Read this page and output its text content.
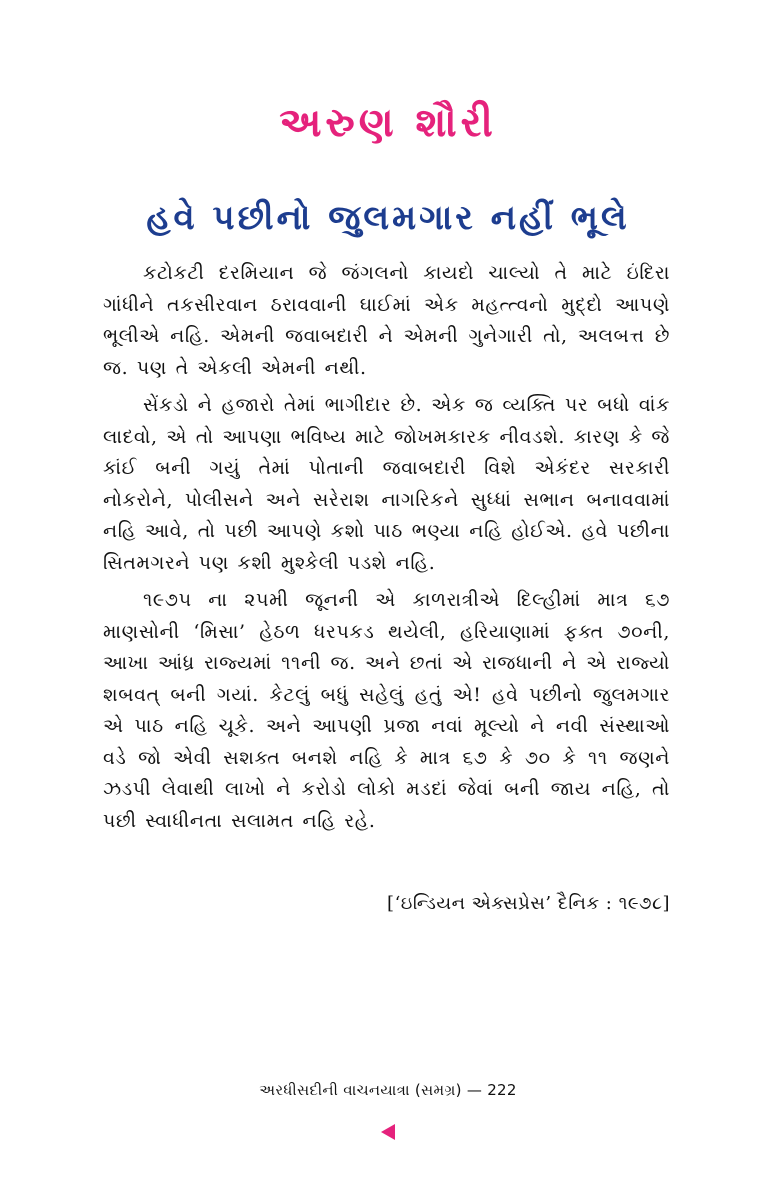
અરુણ શૌરી
હવે પછીનો જુલમગાર નહીં ભૂલે

કટોકટી દરમિયાન જે જંગલનો કાયદો ચાલ્યો તે માટે ઇંદિરા ગાંધીને તકસીરવાન ઠરાવવાની ઘાઈમાં એક મહત્ત્વનો મુદ્દો આપણે ભૂલીએ નહિ. એમની જવાબદારી ને એમની ગુનેગારી તો, અલબત્ત છે જ. પણ તે એકલી એમની નથી.

સેંકડો ને હજારો તેમાં ભાગીદાર છે. એક જ વ્યક્તિ પર બધો વાંક લાદવો, એ તો આપણા ભવિષ્ય માટે જોખમકારક નીવડશે. કારણ કે જે કાંઈ બની ગયું તેમાં પોતાની જવાબદારી વિશે એકંદર સરકારી નોકરોને, પોલીસને અને સરેરાશ નાગરિકને સુધ્ધાં સભાન બનાવવામાં નહિ આવે, તો પછી આપણે કશો પાઠ ભણ્યા નહિ હોઈએ. હવે પછીના સિતમગરને પણ કશી મુશ્કેલી પડશે નહિ.

૧૯૭૫ ના ૨૫મી જૂનની એ કાળરાત્રીએ દિલ્હીમાં માત્ર ૬૭ માણસોની ‘મિસા’ હેઠળ ધરપકડ થયેલી, હરિયાણામાં ફક્ત ૭૦ની, આખા આંધ્ર રાજ્યમાં ૧૧ની જ. અને છતાં એ રાજધાની ને એ રાજ્યો શબવત્ બની ગયાં. કેટલું બધું સહેલું હતું એ! હવે પછીનો જુલમગાર એ પાઠ નહિ ચૂકે. અને આપણી પ્રજા નવાં મૂલ્યો ને નવી સંસ્થાઓ વડે જો એવી સશક્ત બનશે નહિ કે માત્ર ૬૭ કે ૭૦ કે ૧૧ જણને ઝડપી લેવાથી લાખો ને કરોડો લોકો મડદાં જેવાં બની જાય નહિ, તો પછી સ્વાધીનતા સલામત નહિ રહે.

[‘ઇન્ડિયન એક્સપ્રેસ’ દૈનિક : ૧૯૭૮]
અરધીસદીની વાચનયાત્રા (સમગ્ર) — 222
